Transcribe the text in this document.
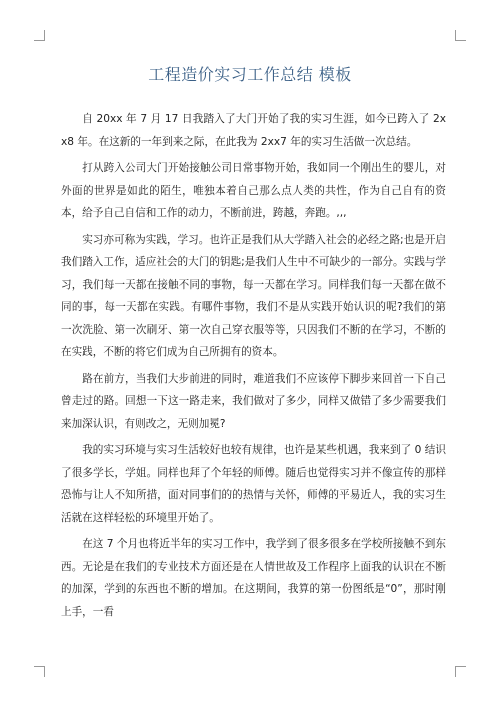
工程造价实习工作总结 模板

自 20xx 年 7 月 17 日我踏入了大门开始了我的实习生涯，如今已跨入了 2xx8 年。在这新的一年到来之际，在此我为 2xx7 年的实习生活做一次总结。

打从跨入公司大门开始接触公司日常事物开始，我如同一个刚出生的婴儿，对外面的世界是如此的陌生，唯独本着自己那么点人类的共性，作为自己自有的资本，给予自己自信和工作的动力，不断前进，跨越，奔跑。,,,

实习亦可称为实践，学习。也许正是我们从大学踏入社会的必经之路;也是开启我们踏入工作，适应社会的大门的钥匙;是我们人生中不可缺少的一部分。实践与学习，我们每一天都在接触不同的事物，每一天都在学习。同样我们每一天都在做不同的事，每一天都在实践。有哪件事物，我们不是从实践开始认识的呢?我们的第一次洗脸、第一次刷牙、第一次自己穿衣服等等，只因我们不断的在学习，不断的在实践，不断的将它们成为自己所拥有的资本。

路在前方，当我们大步前进的同时，难道我们不应该停下脚步来回首一下自己曾走过的路。回想一下这一路走来，我们做对了多少，同样又做错了多少需要我们来加深认识，有则改之，无则加冕?

我的实习环境与实习生活较好也较有规律，也许是某些机遇，我来到了 0 结识了很多学长，学姐。同样也拜了个年轻的师傅。随后也觉得实习并不像宣传的那样恐怖与让人不知所措，面对同事们的的热情与关怀，师傅的平易近人，我的实习生活就在这样轻松的环境里开始了。

在这 7 个月也将近半年的实习工作中，我学到了很多很多在学校所接触不到东西。无论是在我们的专业技术方面还是在人情世故及工作程序上面我的认识在不断的加深，学到的东西也不断的增加。在这期间，我算的第一份图纸是“0”，那时刚上手，一看
